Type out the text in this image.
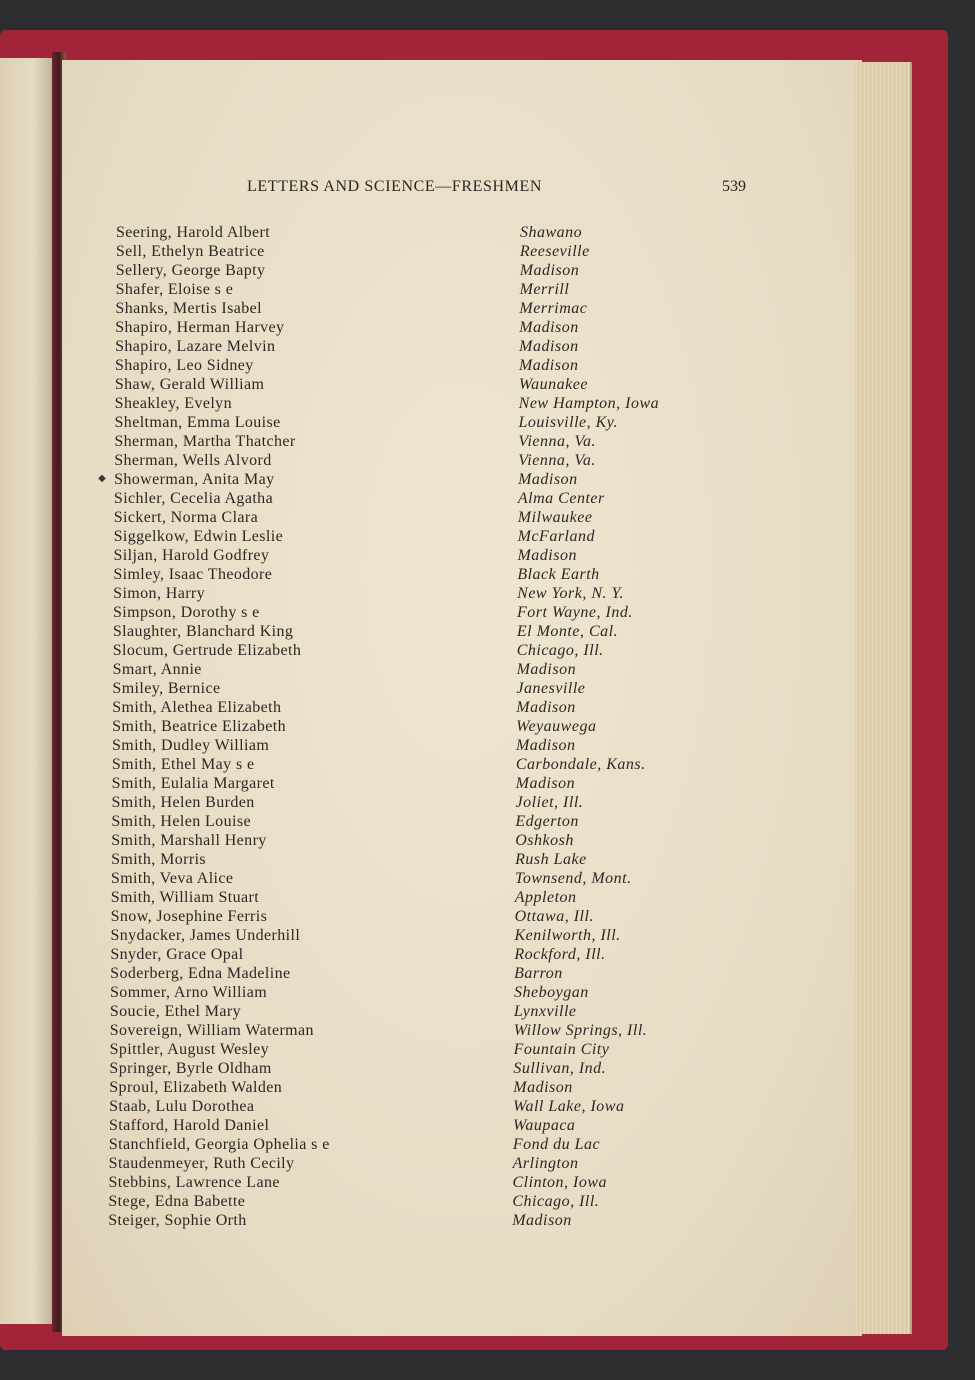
LETTERS AND SCIENCE—FRESHMEN	539
Seering, Harold Albert	Shawano
Sell, Ethelyn Beatrice	Reeseville
Sellery, George Bapty	Madison
Shafer, Eloise s e	Merrill
Shanks, Mertis Isabel	Merrimac
Shapiro, Herman Harvey	Madison
Shapiro, Lazare Melvin	Madison
Shapiro, Leo Sidney	Madison
Shaw, Gerald William	Waunakee
Sheakley, Evelyn	New Hampton, Iowa
Sheltman, Emma Louise	Louisville, Ky.
Sherman, Martha Thatcher	Vienna, Va.
Sherman, Wells Alvord	Vienna, Va.
◆ Showerman, Anita May	Madison
Sichler, Cecelia Agatha	Alma Center
Sickert, Norma Clara	Milwaukee
Siggelkow, Edwin Leslie	McFarland
Siljan, Harold Godfrey	Madison
Simley, Isaac Theodore	Black Earth
Simon, Harry	New York, N. Y.
Simpson, Dorothy s e	Fort Wayne, Ind.
Slaughter, Blanchard King	El Monte, Cal.
Slocum, Gertrude Elizabeth	Chicago, Ill.
Smart, Annie	Madison
Smiley, Bernice	Janesville
Smith, Alethea Elizabeth	Madison
Smith, Beatrice Elizabeth	Weyauwega
Smith, Dudley William	Madison
Smith, Ethel May s e	Carbondale, Kans.
Smith, Eulalia Margaret	Madison
Smith, Helen Burden	Joliet, Ill.
Smith, Helen Louise	Edgerton
Smith, Marshall Henry	Oshkosh
Smith, Morris	Rush Lake
Smith, Veva Alice	Townsend, Mont.
Smith, William Stuart	Appleton
Snow, Josephine Ferris	Ottawa, Ill.
Snydacker, James Underhill	Kenilworth, Ill.
Snyder, Grace Opal	Rockford, Ill.
Soderberg, Edna Madeline	Barron
Sommer, Arno William	Sheboygan
Soucie, Ethel Mary	Lynxville
Sovereign, William Waterman	Willow Springs, Ill.
Spittler, August Wesley	Fountain City
Springer, Byrle Oldham	Sullivan, Ind.
Sproul, Elizabeth Walden	Madison
Staab, Lulu Dorothea	Wall Lake, Iowa
Stafford, Harold Daniel	Waupaca
Stanchfield, Georgia Ophelia s e	Fond du Lac
Staudenmeyer, Ruth Cecily	Arlington
Stebbins, Lawrence Lane	Clinton, Iowa
Stege, Edna Babette	Chicago, Ill.
Steiger, Sophie Orth	Madison
